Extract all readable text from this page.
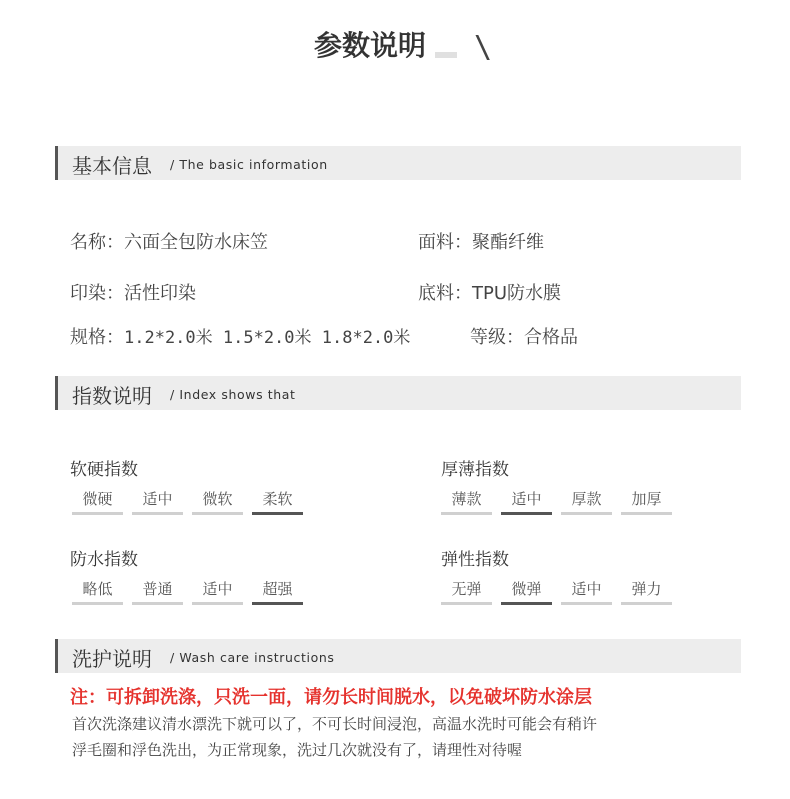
参数说明	\
基本信息 / The basic information
名称：六面全包防水床笠	面料：聚酯纤维
印染：活性印染	底料：TPU防水膜
规格：1.2*2.0米 1.5*2.0米 1.8*2.0米	等级：合格品
指数说明 / Index shows that
软硬指数
微硬	适中	微软	柔软
厚薄指数
薄款	适中	厚款	加厚
防水指数
略低	普通	适中	超强
弹性指数
无弹	微弹	适中	弹力
洗护说明 / Wash care instructions
注：可拆卸洗涤，只洗一面，请勿长时间脱水，以免破坏防水涂层
首次洗涤建议清水漂洗下就可以了，不可长时间浸泡，高温水洗时可能会有稍许
浮毛圈和浮色洗出，为正常现象，洗过几次就没有了，请理性对待喔
